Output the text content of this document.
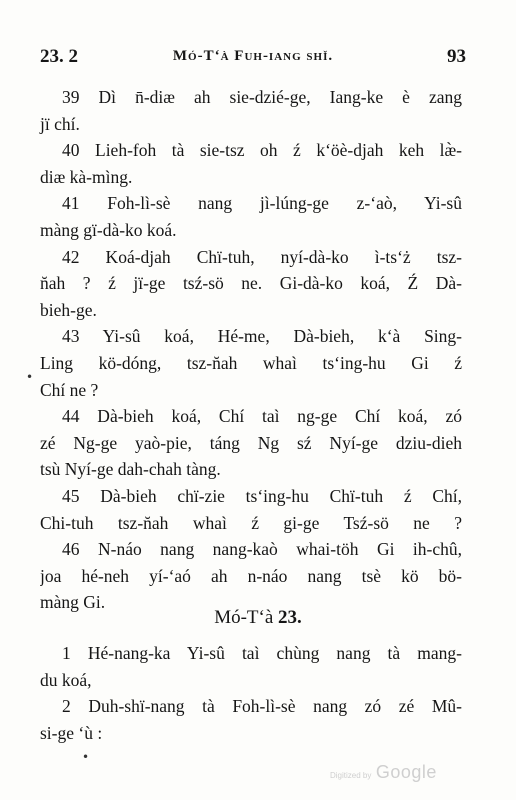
23. 2	Mó-T‘à Fuh-iang shǐ.	93
39 Dì n̄-diæ ah sie-dzié-ge, Iang-ke è zang
jï chí.
40 Lieh-foh tà sie-tsz oh ź k‘öè-djah keh læ̀-
diæ kà-mìng.
41 Foh-lì-sè nang jì-lúng-ge z-‘aò, Yi-sû
màng gï-dà-ko koá.
42 Koá-djah Chï-tuh, nyí-dà-ko ì-ts‘ż tsz-
n̆ah ? ź jï-ge tsź-sö ne. Gi-dà-ko koá, Ź Dà-
bieh-ge.
43 Yi-sû koá, Hé-me, Dà-bieh, k‘à Sing-
Ling kö-dóng, tsz-n̆ah whaì ts‘ing-hu Gi ź
Chí ne ?
44 Dà-bieh koá, Chí taì ng-ge Chí koá, zó
zé Ng-ge yaò-pie, táng Ng sź Nyí-ge dziu-dieh
tsù Nyí-ge dah-chah tàng.
45 Dà-bieh chï-zie ts‘ing-hu Chï-tuh ź Chí,
Chi-tuh tsz-n̆ah whaì ź gi-ge Tsź-sö ne ?
46 N-náo nang nang-kaò whai-töh Gi ih-chû,
joa hé-neh yí-‘aó ah n-náo nang tsè kö bö-
màng Gi.
Mó-T‘à 23.
1 Hé-nang-ka Yi-sû taì chùng nang tà mang-
du koá,
2 Duh-shï-nang tà Foh-lì-sè nang zó zé Mû-
si-ge ‘ù :
•
•
Digitized by Google
